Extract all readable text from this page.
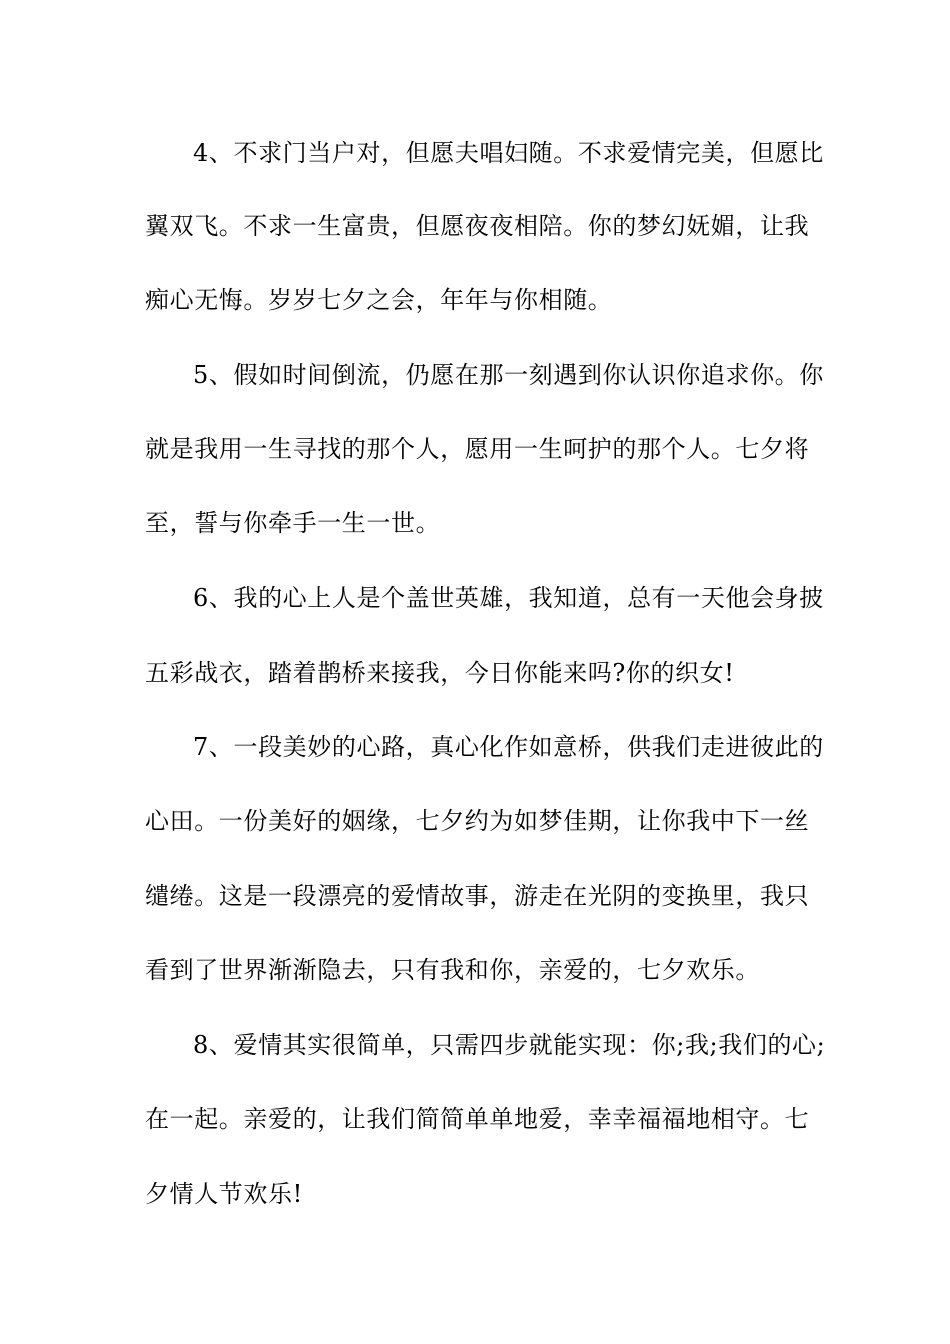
4、不求门当户对，但愿夫唱妇随。不求爱情完美，但愿比
翼双飞。不求一生富贵，但愿夜夜相陪。你的梦幻妩媚，让我
痴心无悔。岁岁七夕之会，年年与你相随。
5、假如时间倒流，仍愿在那一刻遇到你认识你追求你。你
就是我用一生寻找的那个人，愿用一生呵护的那个人。七夕将
至，誓与你牵手一生一世。
6、我的心上人是个盖世英雄，我知道，总有一天他会身披
五彩战衣，踏着鹊桥来接我，今日你能来吗?你的织女!
7、一段美妙的心路，真心化作如意桥，供我们走进彼此的
心田。一份美好的姻缘，七夕约为如梦佳期，让你我中下一丝
缱绻。这是一段漂亮的爱情故事，游走在光阴的变换里，我只
看到了世界渐渐隐去，只有我和你，亲爱的，七夕欢乐。
8、爱情其实很简单，只需四步就能实现：你;我;我们的心;
在一起。亲爱的，让我们简简单单地爱，幸幸福福地相守。七
夕情人节欢乐!
